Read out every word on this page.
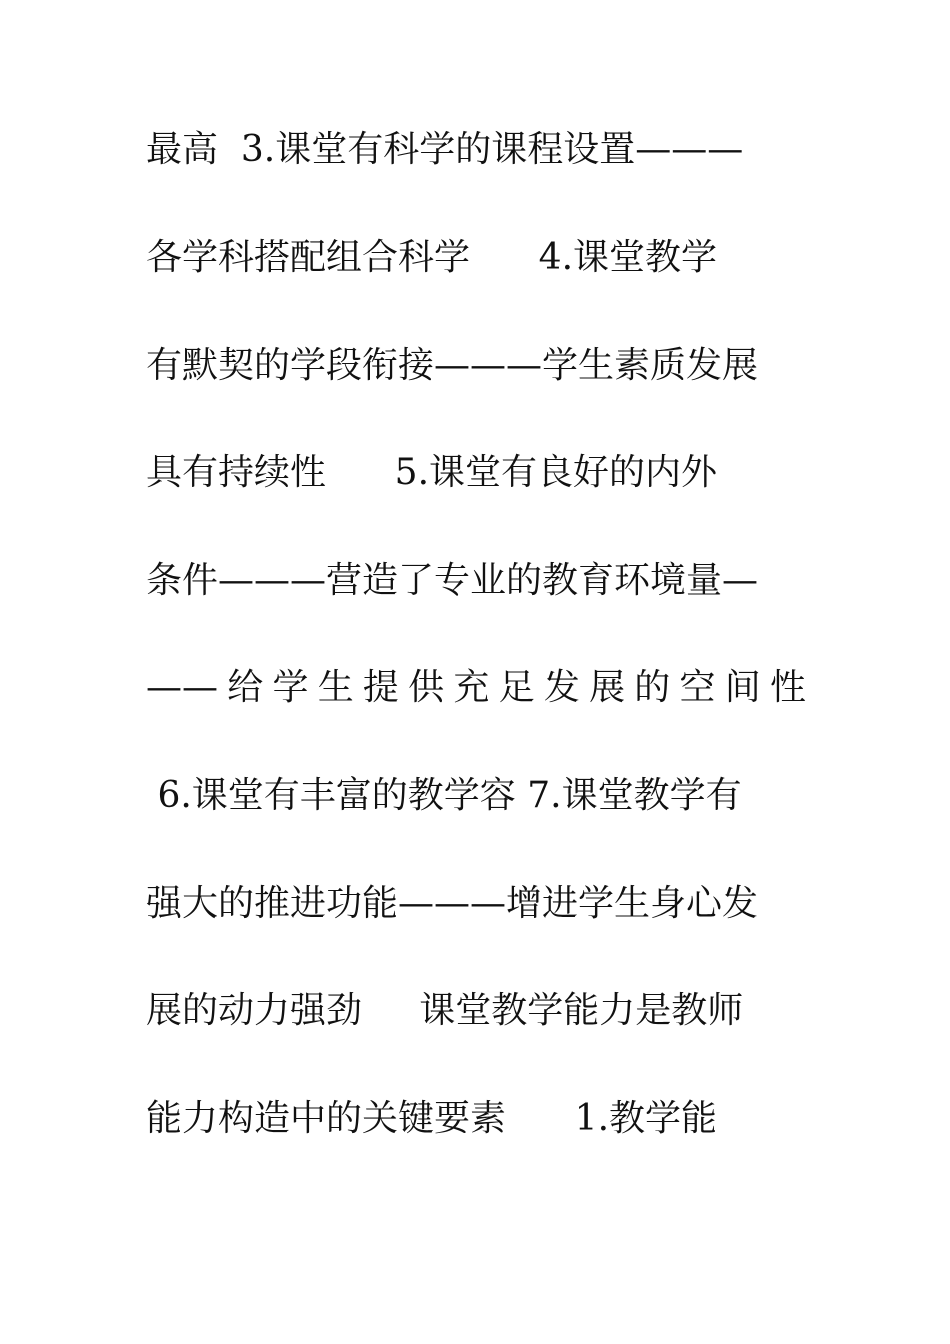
最高  3.课堂有科学的课程设置———
各学科搭配组合科学      4.课堂教学
有默契的学段衔接———学生素质发展
具有持续性      5.课堂有良好的内外
条件———营造了专业的教育环境量—
——给学生提供充足发展的空间性
6.课堂有丰富的教学容 7.课堂教学有
强大的推进功能———增进学生身心发
展的动力强劲     课堂教学能力是教师
能力构造中的关键要素      1.教学能
